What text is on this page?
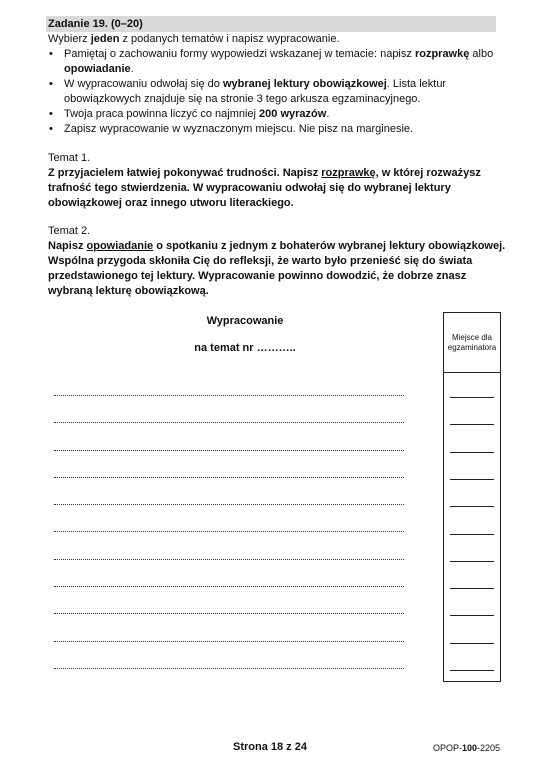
Zadanie 19. (0–20)

Wybierz jeden z podanych tematów i napisz wypracowanie.

• Pamiętaj o zachowaniu formy wypowiedzi wskazanej w temacie: napisz rozprawkę albo opowiadanie.
• W wypracowaniu odwołaj się do wybranej lektury obowiązkowej. Lista lektur obowiązkowych znajduje się na stronie 3 tego arkusza egzaminacyjnego.
• Twoja praca powinna liczyć co najmniej 200 wyrazów.
• Zapisz wypracowanie w wyznaczonym miejscu. Nie pisz na marginesie.

Temat 1.

Z przyjacielem łatwiej pokonywać trudności. Napisz rozprawkę, w której rozważysz trafność tego stwierdzenia. W wypracowaniu odwołaj się do wybranej lektury obowiązkowej oraz innego utworu literackiego.

Temat 2.

Napisz opowiadanie o spotkaniu z jednym z bohaterów wybranej lektury obowiązkowej. Wspólna przygoda skłoniła Cię do refleksji, że warto było przenieść się do świata przedstawionego tej lektury. Wypracowanie powinno dowodzić, że dobrze znasz wybraną lekturę obowiązkową.

Wypracowanie
na temat nr ………..
Miejsce dla egzaminatora
Strona 18 z 24	OPOP-100-2205
